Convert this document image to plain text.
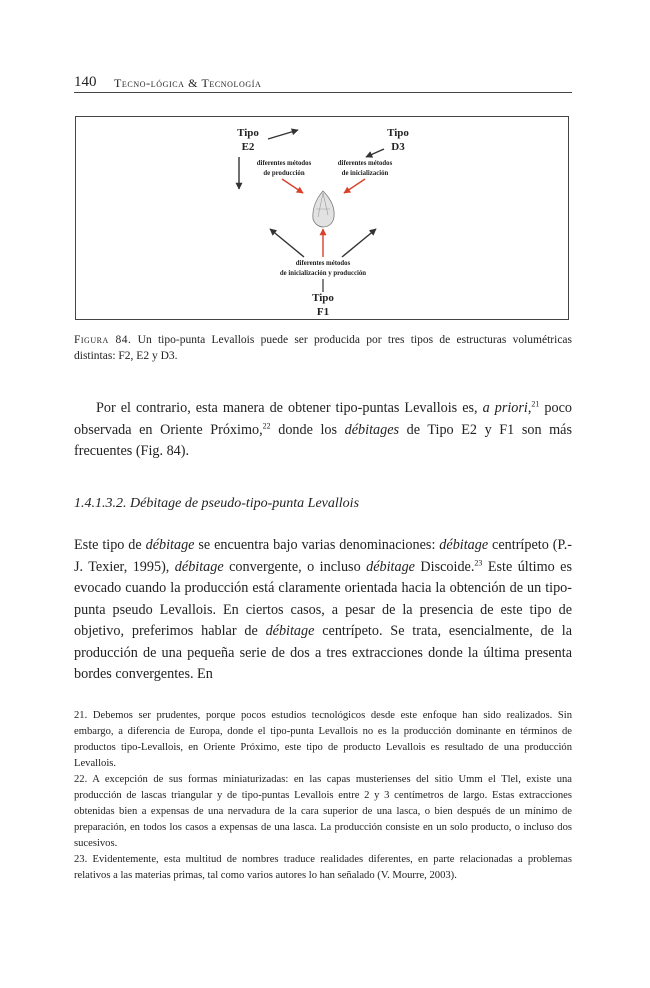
140 Tecno-lógica & Tecnología
Tipo
E2
Tipo
D3
Tipo
F1
diferentes métodos
de producción
diferentes métodos
de inicialización
diferentes métodos
de inicialización y producción
Figura 84. Un tipo-punta Levallois puede ser producida por tres tipos de estructuras volumétricas distintas: F2, E2 y D3.
Por el contrario, esta manera de obtener tipo-puntas Levallois es, a priori,$^{21}$ poco observada en Oriente Próximo,$^{22}$ donde los débitages de Tipo E2 y F1 son más frecuentes (Fig. 84).
1.4.1.3.2. Débitage de pseudo-tipo-punta Levallois
Este tipo de débitage se encuentra bajo varias denominaciones: débitage centrípeto (P.-J. Texier, 1995), débitage convergente, o incluso débitage Discoide.$^{23}$ Este último es evocado cuando la producción está claramente orientada hacia la obtención de un tipo-punta pseudo Levallois. En ciertos casos, a pesar de la presencia de este tipo de objetivo, preferimos hablar de débitage centrípeto. Se trata, esencialmente, de la producción de una pequeña serie de dos a tres extracciones donde la última presenta bordes convergentes. En

21. Debemos ser prudentes, porque pocos estudios tecnológicos desde este enfoque han sido realizados. Sin embargo, a diferencia de Europa, donde el tipo-punta Levallois no es la producción dominante en términos de productos tipo-Levallois, en Oriente Próximo, este tipo de producto Levallois es resultado de una producción Levallois.

22. A excepción de sus formas miniaturizadas: en las capas musterienses del sitio Umm el Tlel, existe una producción de lascas triangular y de tipo-puntas Levallois entre 2 y 3 centímetros de largo. Estas extracciones obtenidas bien a expensas de una nervadura de la cara superior de una lasca, o bien después de un mínimo de preparación, en todos los casos a expensas de una lasca. La producción consiste en un solo producto, o incluso dos sucesivos.

23. Evidentemente, esta multitud de nombres traduce realidades diferentes, en parte relacionadas a problemas relativos a las materias primas, tal como varios autores lo han señalado (V. Mourre, 2003).
